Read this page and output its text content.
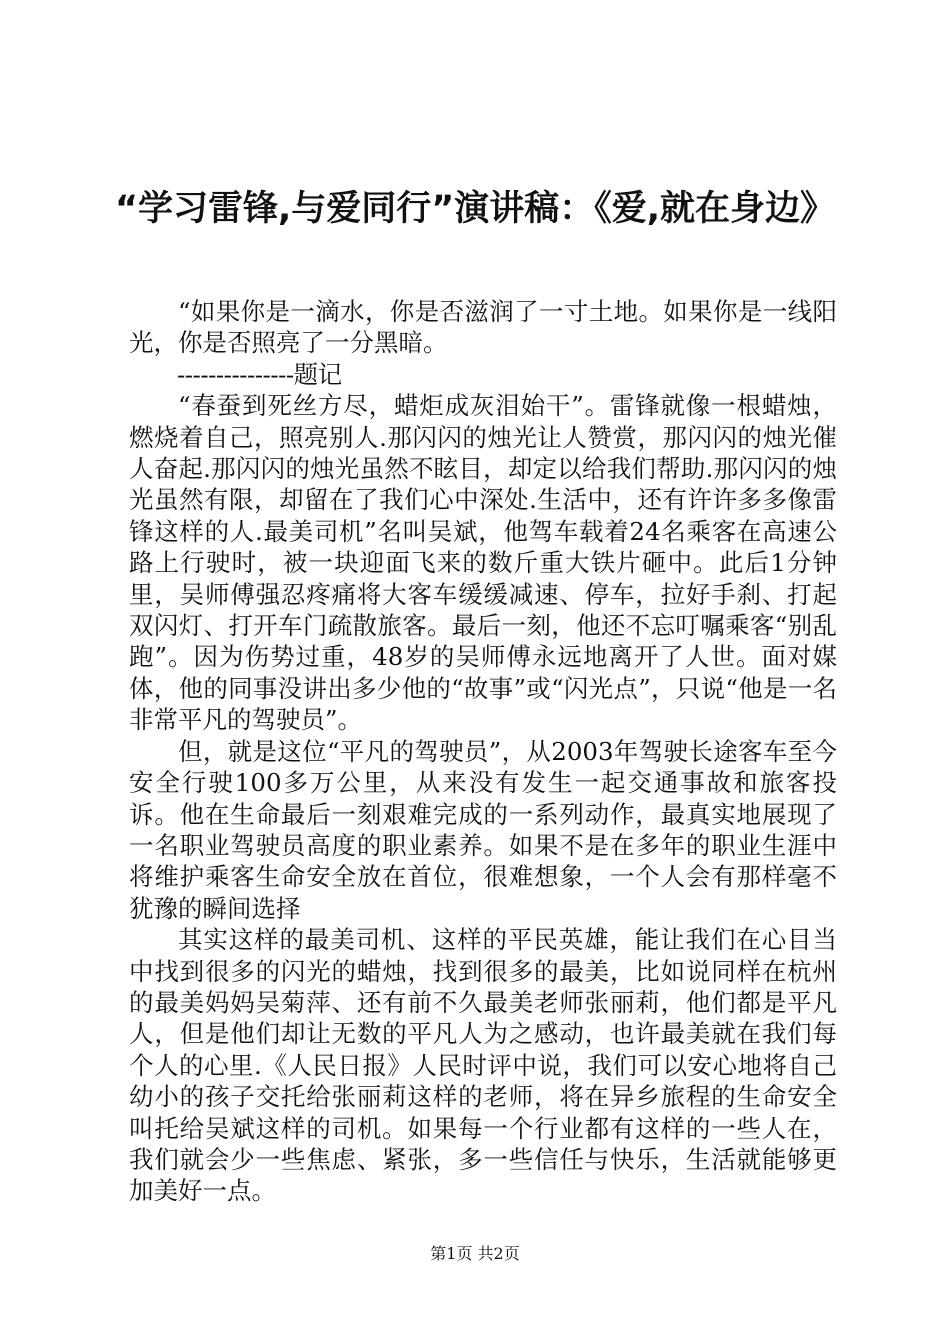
“学习雷锋,与爱同行”演讲稿：《爱,就在身边》

“如果你是一滴水，你是否滋润了一寸土地。如果你是一线阳光，你是否照亮了一分黑暗。

---------------题记

“春蚕到死丝方尽，蜡炬成灰泪始干”。雷锋就像一根蜡烛，燃烧着自己，照亮别人.那闪闪的烛光让人赞赏，那闪闪的烛光催人奋起.那闪闪的烛光虽然不眩目，却定以给我们帮助.那闪闪的烛光虽然有限，却留在了我们心中深处.生活中，还有许许多多像雷锋这样的人.最美司机”名叫吴斌，他驾车载着24名乘客在高速公路上行驶时，被一块迎面飞来的数斤重大铁片砸中。此后1分钟里，吴师傅强忍疼痛将大客车缓缓减速、停车，拉好手刹、打起双闪灯、打开车门疏散旅客。最后一刻，他还不忘叮嘱乘客“别乱跑”。因为伤势过重，48岁的吴师傅永远地离开了人世。面对媒体，他的同事没讲出多少他的“故事”或“闪光点”，只说“他是一名非常平凡的驾驶员”。

但，就是这位“平凡的驾驶员”，从2003年驾驶长途客车至今安全行驶100多万公里，从来没有发生一起交通事故和旅客投诉。他在生命最后一刻艰难完成的一系列动作，最真实地展现了一名职业驾驶员高度的职业素养。如果不是在多年的职业生涯中将维护乘客生命安全放在首位，很难想象，一个人会有那样毫不犹豫的瞬间选择

其实这样的最美司机、这样的平民英雄，能让我们在心目当中找到很多的闪光的蜡烛，找到很多的最美，比如说同样在杭州的最美妈妈吴菊萍、还有前不久最美老师张丽莉，他们都是平凡人，但是他们却让无数的平凡人为之感动，也许最美就在我们每个人的心里.《人民日报》人民时评中说，我们可以安心地将自己幼小的孩子交托给张丽莉这样的老师，将在异乡旅程的生命安全叫托给吴斌这样的司机。如果每一个行业都有这样的一些人在，我们就会少一些焦虑、紧张，多一些信任与快乐，生活就能够更加美好一点。

第1页 共2页
